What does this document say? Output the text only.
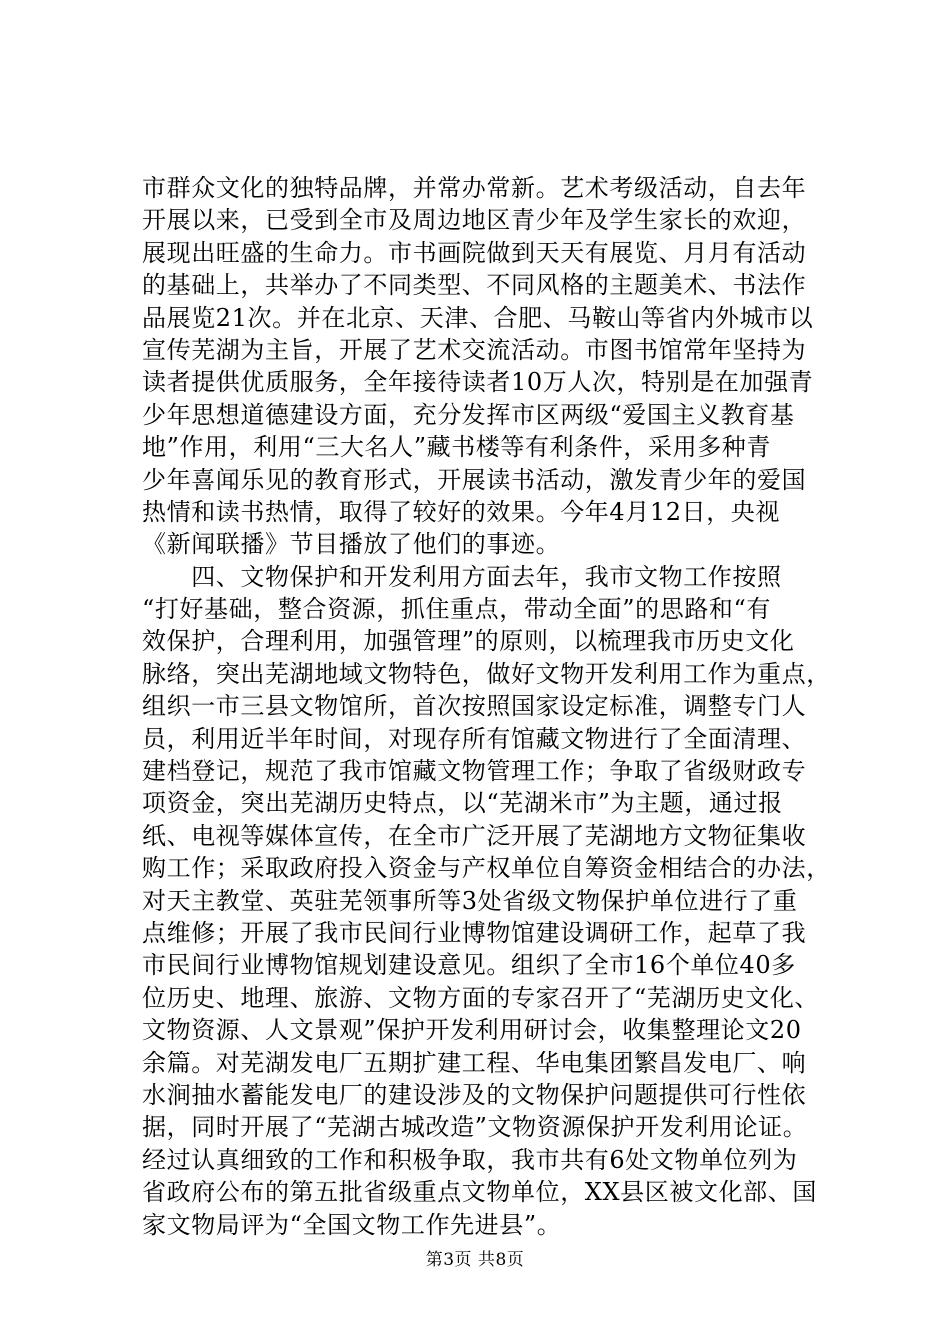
市群众文化的独特品牌，并常办常新。艺术考级活动，自去年
开展以来，已受到全市及周边地区青少年及学生家长的欢迎，
展现出旺盛的生命力。市书画院做到天天有展览、月月有活动
的基础上，共举办了不同类型、不同风格的主题美术、书法作
品展览21次。并在北京、天津、合肥、马鞍山等省内外城市以
宣传芜湖为主旨，开展了艺术交流活动。市图书馆常年坚持为
读者提供优质服务，全年接待读者10万人次，特别是在加强青
少年思想道德建设方面，充分发挥市区两级“爱国主义教育基
地”作用，利用“三大名人”藏书楼等有利条件，采用多种青
少年喜闻乐见的教育形式，开展读书活动，激发青少年的爱国
热情和读书热情，取得了较好的效果。今年4月12日，央视
《新闻联播》节目播放了他们的事迹。
　　四、文物保护和开发利用方面去年，我市文物工作按照
“打好基础，整合资源，抓住重点，带动全面”的思路和“有
效保护，合理利用，加强管理”的原则，以梳理我市历史文化
脉络，突出芜湖地域文物特色，做好文物开发利用工作为重点，
组织一市三县文物馆所，首次按照国家设定标准，调整专门人
员，利用近半年时间，对现存所有馆藏文物进行了全面清理、
建档登记，规范了我市馆藏文物管理工作；争取了省级财政专
项资金，突出芜湖历史特点，以“芜湖米市”为主题，通过报
纸、电视等媒体宣传，在全市广泛开展了芜湖地方文物征集收
购工作；采取政府投入资金与产权单位自筹资金相结合的办法，
对天主教堂、英驻芜领事所等3处省级文物保护单位进行了重
点维修；开展了我市民间行业博物馆建设调研工作，起草了我
市民间行业博物馆规划建设意见。组织了全市16个单位40多
位历史、地理、旅游、文物方面的专家召开了“芜湖历史文化、
文物资源、人文景观”保护开发利用研讨会，收集整理论文20
余篇。对芜湖发电厂五期扩建工程、华电集团繁昌发电厂、响
水涧抽水蓄能发电厂的建设涉及的文物保护问题提供可行性依
据，同时开展了“芜湖古城改造”文物资源保护开发利用论证。
经过认真细致的工作和积极争取，我市共有6处文物单位列为
省政府公布的第五批省级重点文物单位，XX县区被文化部、国
家文物局评为“全国文物工作先进县”。
第3页 共8页
